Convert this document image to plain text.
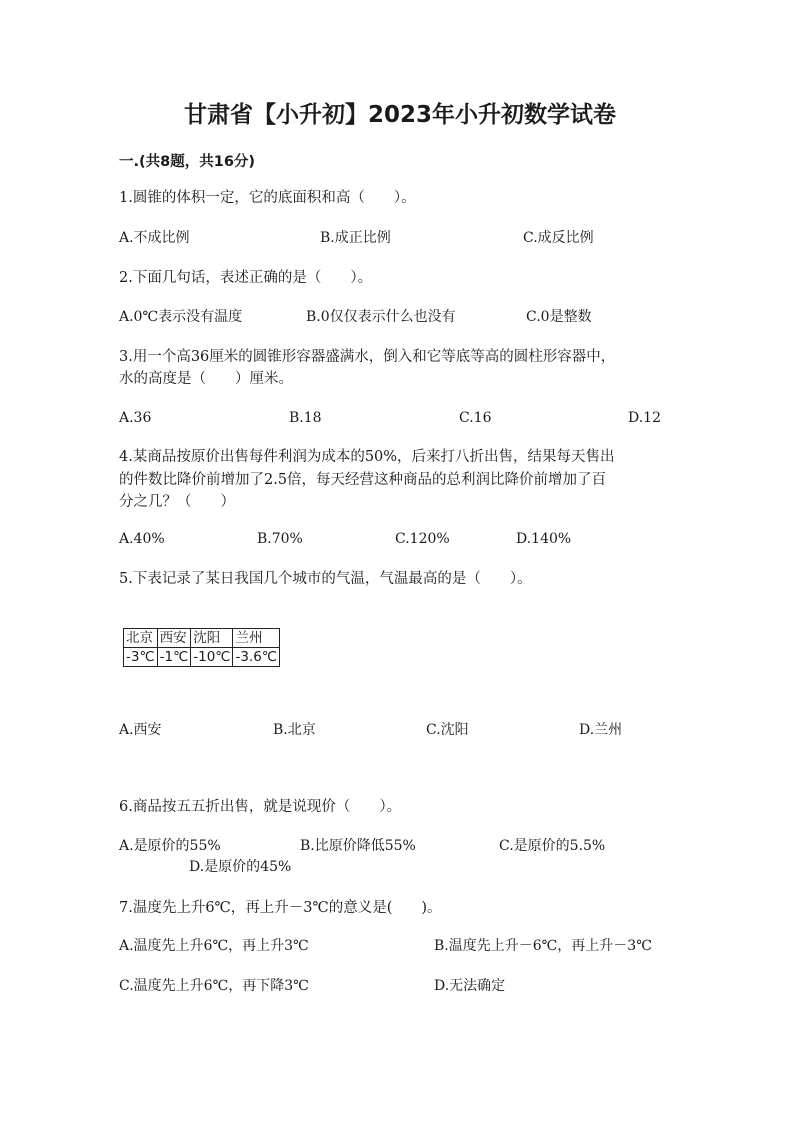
甘肃省【小升初】2023年小升初数学试卷
一.(共8题，共16分)
1.圆锥的体积一定，它的底面积和高（　　）。
A.不成比例	B.成正比例	C.成反比例
2.下面几句话，表述正确的是（　　）。
A.0℃表示没有温度	B.0仅仅表示什么也没有	C.0是整数
3.用一个高36厘米的圆锥形容器盛满水，倒入和它等底等高的圆柱形容器中，
水的高度是（　　）厘米。
A.36	B.18	C.16	D.12
4.某商品按原价出售每件利润为成本的50%，后来打八折出售，结果每天售出
的件数比降价前增加了2.5倍，每天经营这种商品的总利润比降价前增加了百
分之几？（　　）
A.40%	B.70%	C.120%	D.140%
5.下表记录了某日我国几个城市的气温，气温最高的是（　　）。
北京	西安	沈阳	兰州
-3℃	-1℃	-10℃	-3.6℃
A.西安	B.北京	C.沈阳	D.兰州
6.商品按五五折出售，就是说现价（　　）。
A.是原价的55%	B.比原价降低55%	C.是原价的5.5%
D.是原价的45%
7.温度先上升6℃，再上升－3℃的意义是(　　)。
A.温度先上升6℃，再上升3℃	B.温度先上升－6℃，再上升－3℃
C.温度先上升6℃，再下降3℃	D.无法确定
